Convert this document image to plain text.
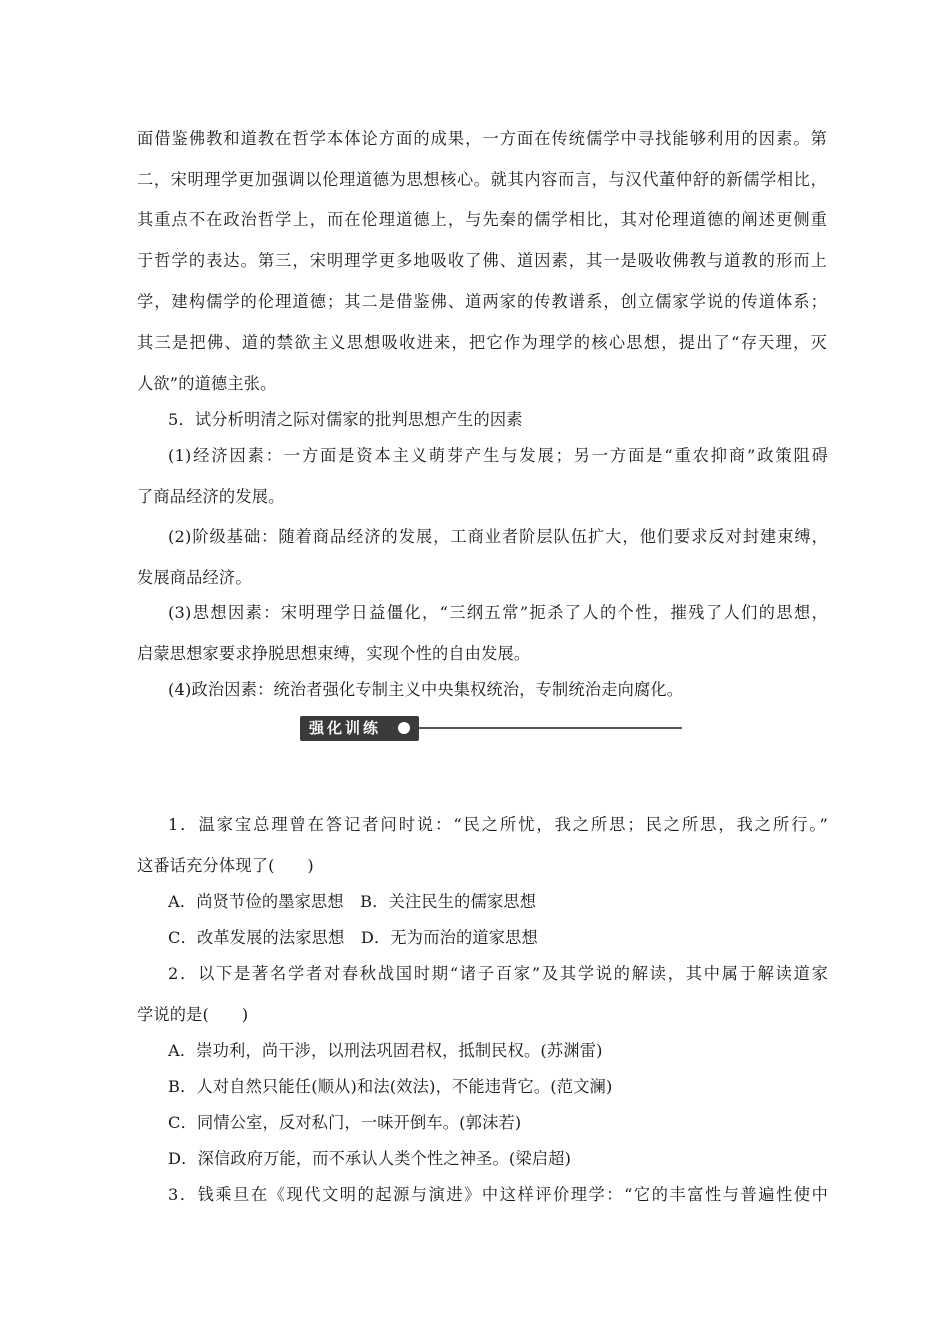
面借鉴佛教和道教在哲学本体论方面的成果，一方面在传统儒学中寻找能够利用的因素。第
二，宋明理学更加强调以伦理道德为思想核心。就其内容而言，与汉代董仲舒的新儒学相比，
其重点不在政治哲学上，而在伦理道德上，与先秦的儒学相比，其对伦理道德的阐述更侧重
于哲学的表达。第三，宋明理学更多地吸收了佛、道因素，其一是吸收佛教与道教的形而上
学，建构儒学的伦理道德；其二是借鉴佛、道两家的传教谱系，创立儒家学说的传道体系；
其三是把佛、道的禁欲主义思想吸收进来，把它作为理学的核心思想，提出了“存天理，灭
人欲”的道德主张。
5．试分析明清之际对儒家的批判思想产生的因素
(1)经济因素：一方面是资本主义萌芽产生与发展；另一方面是“重农抑商”政策阻碍
了商品经济的发展。
(2)阶级基础：随着商品经济的发展，工商业者阶层队伍扩大，他们要求反对封建束缚，
发展商品经济。
(3)思想因素：宋明理学日益僵化，“三纲五常”扼杀了人的个性，摧残了人们的思想，
启蒙思想家要求挣脱思想束缚，实现个性的自由发展。
(4)政治因素：统治者强化专制主义中央集权统治，专制统治走向腐化。
强化训练
1．温家宝总理曾在答记者问时说：“民之所忧，我之所思；民之所思，我之所行。”
这番话充分体现了(　　)
A．尚贤节俭的墨家思想　B．关注民生的儒家思想
C．改革发展的法家思想　D．无为而治的道家思想
2．以下是著名学者对春秋战国时期“诸子百家”及其学说的解读，其中属于解读道家
学说的是(　　)
A．崇功利，尚干涉，以刑法巩固君权，抵制民权。(苏渊雷)
B．人对自然只能任(顺从)和法(效法)，不能违背它。(范文澜)
C．同情公室，反对私门，一味开倒车。(郭沫若)
D．深信政府万能，而不承认人类个性之神圣。(梁启超)
3．钱乘旦在《现代文明的起源与演进》中这样评价理学：“它的丰富性与普遍性使中
